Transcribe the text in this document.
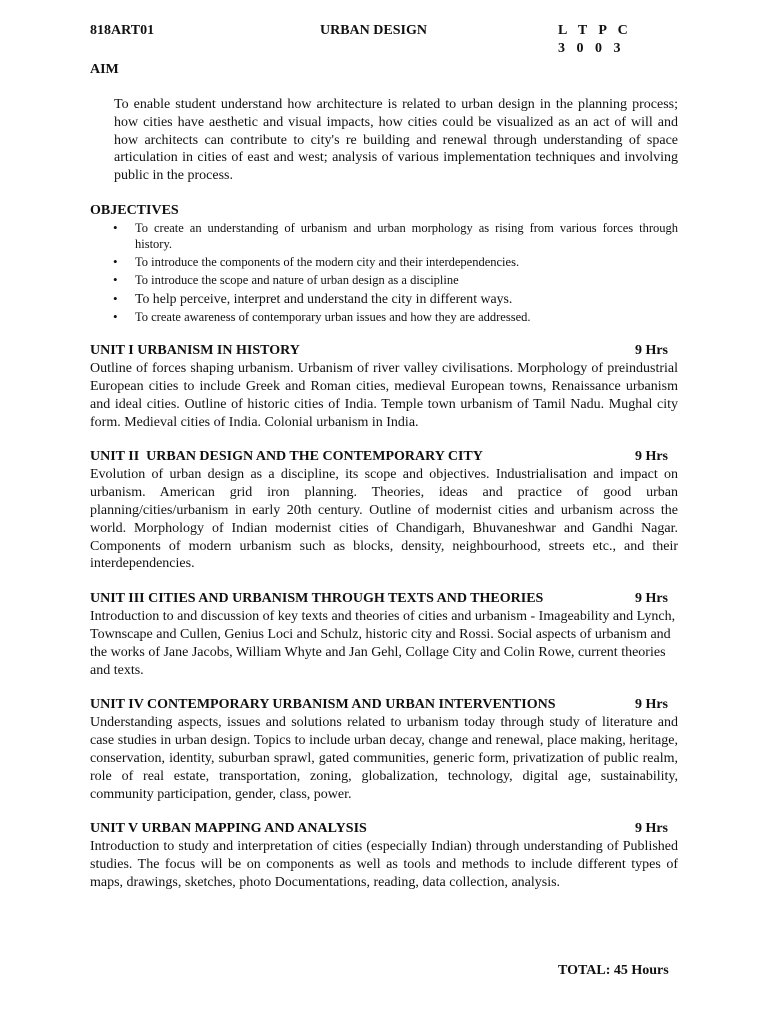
818ART01	URBAN DESIGN	L T P C
3 0 0 3
AIM

To enable student understand how architecture is related to urban design in the planning process; how cities have aesthetic and visual impacts, how cities could be visualized as an act of will and how architects can contribute to city's re building and renewal through understanding of space articulation in cities of east and west; analysis of various implementation techniques and involving public in the process.

OBJECTIVES
• To create an understanding of urbanism and urban morphology as rising from various forces through history.
• To introduce the components of the modern city and their interdependencies.
• To introduce the scope and nature of urban design as a discipline
• To help perceive, interpret and understand the city in different ways.
• To create awareness of contemporary urban issues and how they are addressed.
UNIT I URBANISM IN HISTORY	9 Hrs
Outline of forces shaping urbanism. Urbanism of river valley civilisations. Morphology of preindustrial European cities to include Greek and Roman cities, medieval European towns, Renaissance urbanism and ideal cities. Outline of historic cities of India. Temple town urbanism of Tamil Nadu. Mughal city form. Medieval cities of India. Colonial urbanism in India.
UNIT II  URBAN DESIGN AND THE CONTEMPORARY CITY	9 Hrs
Evolution of urban design as a discipline, its scope and objectives. Industrialisation and impact on urbanism. American grid iron planning. Theories, ideas and practice of good urban planning/cities/urbanism in early 20th century. Outline of modernist cities and urbanism across the world. Morphology of Indian modernist cities of Chandigarh, Bhuvaneshwar and Gandhi Nagar. Components of modern urbanism such as blocks, density, neighbourhood, streets etc., and their interdependencies.
UNIT III CITIES AND URBANISM THROUGH TEXTS AND THEORIES	9 Hrs
Introduction to and discussion of key texts and theories of cities and urbanism - Imageability and Lynch, Townscape and Cullen, Genius Loci and Schulz, historic city and Rossi. Social aspects of urbanism and the works of Jane Jacobs, William Whyte and Jan Gehl, Collage City and Colin Rowe, current theories and texts.
UNIT IV CONTEMPORARY URBANISM AND URBAN INTERVENTIONS	9 Hrs
Understanding aspects, issues and solutions related to urbanism today through study of literature and case studies in urban design. Topics to include urban decay, change and renewal, place making, heritage, conservation, identity, suburban sprawl, gated communities, generic form, privatization of public realm, role of real estate, transportation, zoning, globalization, technology, digital age, sustainability, community participation, gender, class, power.
UNIT V URBAN MAPPING AND ANALYSIS	9 Hrs
Introduction to study and interpretation of cities (especially Indian) through understanding of Published studies. The focus will be on components as well as tools and methods to include different types of maps, drawings, sketches, photo Documentations, reading, data collection, analysis.
TOTAL: 45 Hours
